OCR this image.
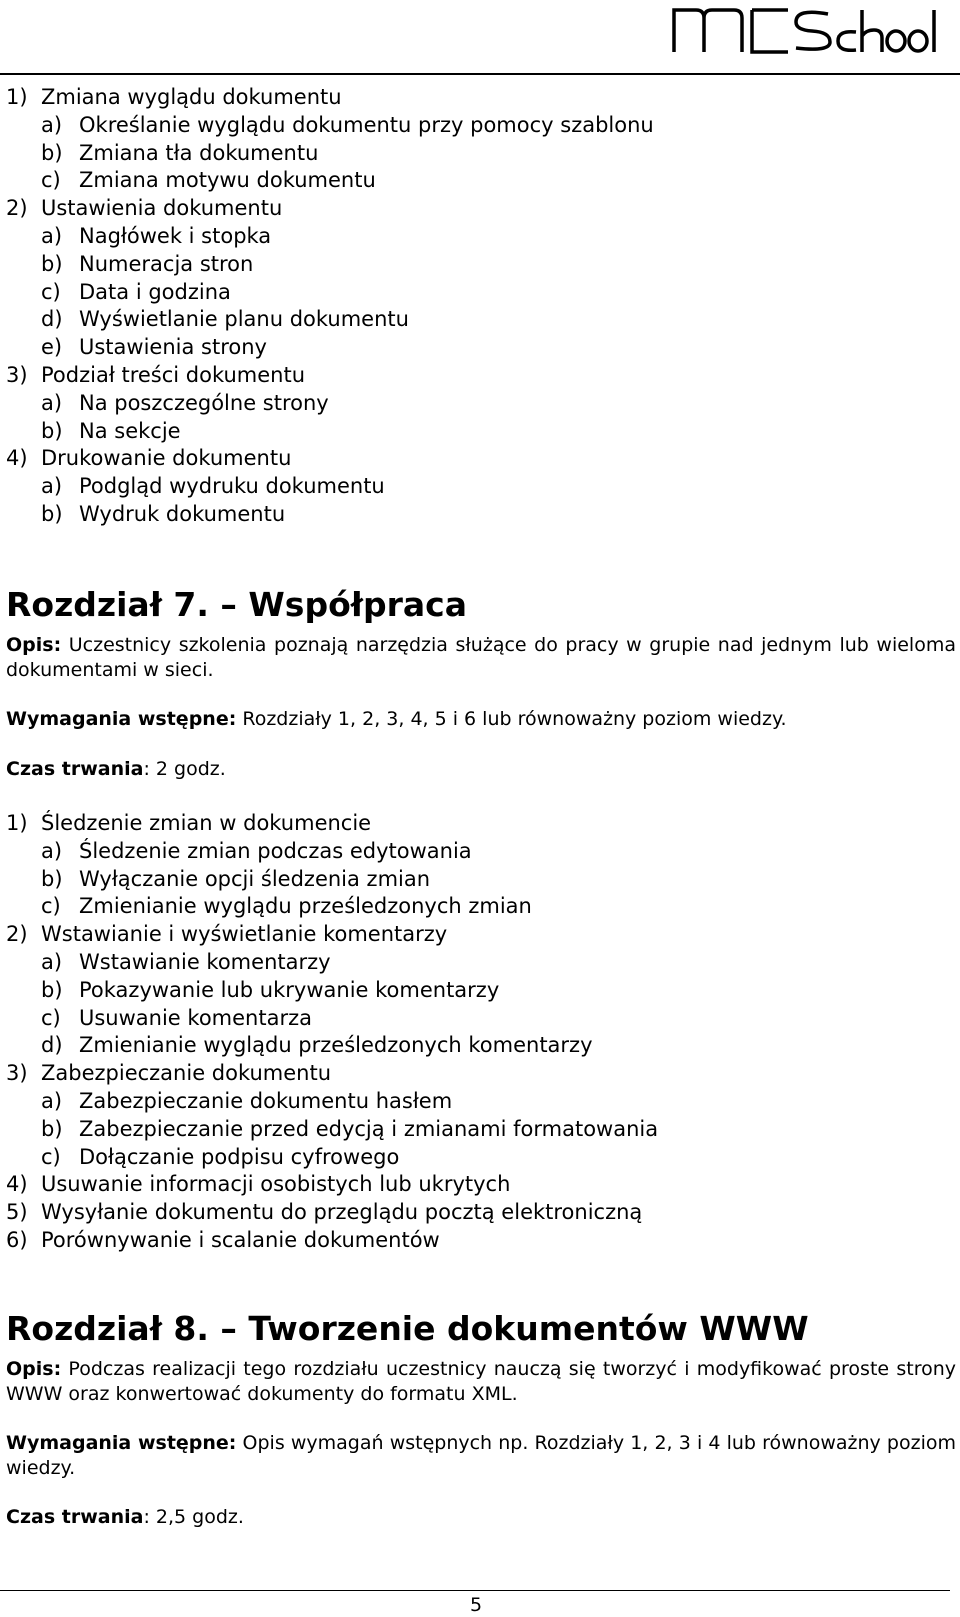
1) Zmiana wyglądu dokumentu
a) Określanie wyglądu dokumentu przy pomocy szablonu
b) Zmiana tła dokumentu
c) Zmiana motywu dokumentu
2) Ustawienia dokumentu
a) Nagłówek i stopka
b) Numeracja stron
c) Data i godzina
d) Wyświetlanie planu dokumentu
e) Ustawienia strony
3) Podział treści dokumentu
a) Na poszczególne strony
b) Na sekcje
4) Drukowanie dokumentu
a) Podgląd wydruku dokumentu
b) Wydruk dokumentu
Rozdział 7. – Współpraca
Opis: Uczestnicy szkolenia poznają narzędzia służące do pracy w grupie nad jednym lub wieloma dokumentami w sieci.
Wymagania wstępne: Rozdziały 1, 2, 3, 4, 5 i 6 lub równoważny poziom wiedzy.
Czas trwania: 2 godz.
1) Śledzenie zmian w dokumencie
a) Śledzenie zmian podczas edytowania
b) Wyłączanie opcji śledzenia zmian
c) Zmienianie wyglądu prześledzonych zmian
2) Wstawianie i wyświetlanie komentarzy
a) Wstawianie komentarzy
b) Pokazywanie lub ukrywanie komentarzy
c) Usuwanie komentarza
d) Zmienianie wyglądu prześledzonych komentarzy
3) Zabezpieczanie dokumentu
a) Zabezpieczanie dokumentu hasłem
b) Zabezpieczanie przed edycją i zmianami formatowania
c) Dołączanie podpisu cyfrowego
4) Usuwanie informacji osobistych lub ukrytych
5) Wysyłanie dokumentu do przeglądu pocztą elektroniczną
6) Porównywanie i scalanie dokumentów
Rozdział 8. – Tworzenie dokumentów WWW
Opis: Podczas realizacji tego rozdziału uczestnicy nauczą się tworzyć i modyfikować proste strony WWW oraz konwertować dokumenty do formatu XML.
Wymagania wstępne: Opis wymagań wstępnych np. Rozdziały 1, 2, 3 i 4 lub równoważny poziom wiedzy.
Czas trwania: 2,5 godz.
5
